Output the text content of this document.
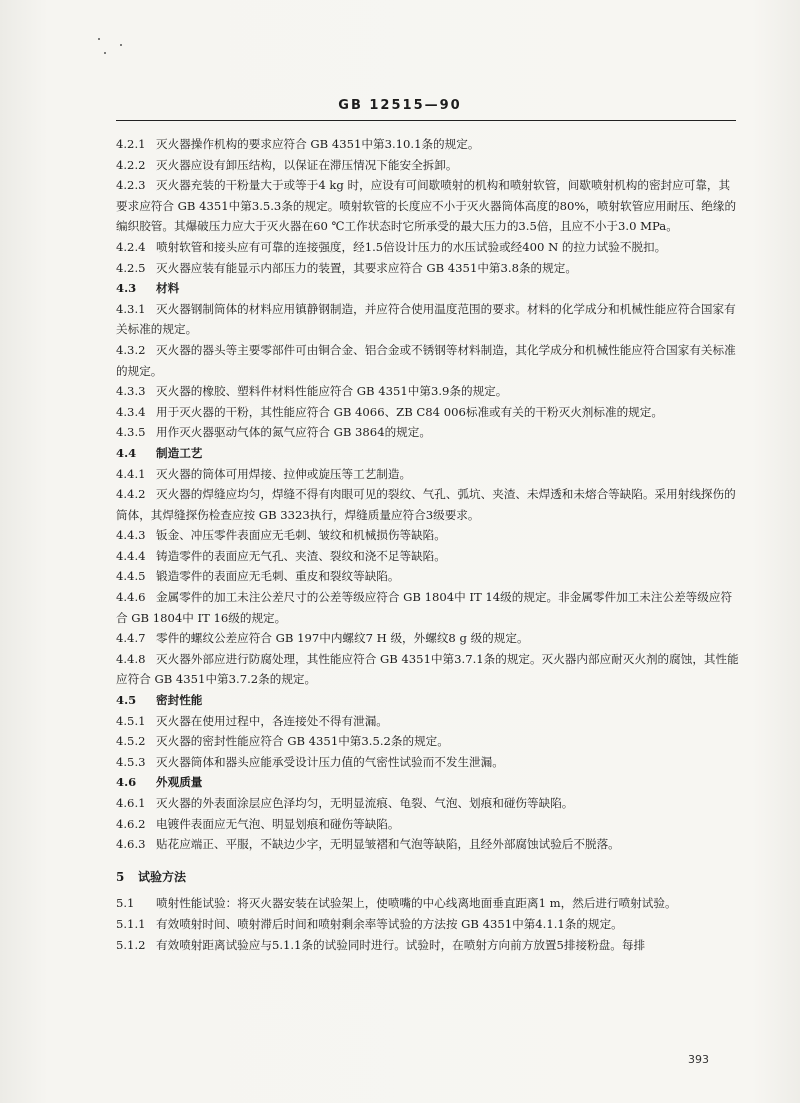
GB 12515—90
4.2.1 灭火器操作机构的要求应符合 GB 4351中第3.10.1条的规定。
4.2.2 灭火器应设有卸压结构，以保证在滞压情况下能安全拆卸。
4.2.3 灭火器充装的干粉量大于或等于4 kg 时，应设有可间歇喷射的机构和喷射软管，间歇喷射机构的密封应可靠，其要求应符合 GB 4351中第3.5.3条的规定。喷射软管的长度应不小于灭火器筒体高度的80%，喷射软管应用耐压、绝缘的编织胶管。其爆破压力应大于灭火器在60 ℃工作状态时它所承受的最大压力的3.5倍，且应不小于3.0 MPa。
4.2.4 喷射软管和接头应有可靠的连接强度，经1.5倍设计压力的水压试验或经400 N 的拉力试验不脱扣。
4.2.5 灭火器应装有能显示内部压力的装置，其要求应符合 GB 4351中第3.8条的规定。
4.3 材料
4.3.1 灭火器钢制筒体的材料应用镇静钢制造，并应符合使用温度范围的要求。材料的化学成分和机械性能应符合国家有关标准的规定。
4.3.2 灭火器的器头等主要零部件可由铜合金、铝合金或不锈钢等材料制造，其化学成分和机械性能应符合国家有关标准的规定。
4.3.3 灭火器的橡胶、塑料件材料性能应符合 GB 4351中第3.9条的规定。
4.3.4 用于灭火器的干粉，其性能应符合 GB 4066、ZB C84 006标准或有关的干粉灭火剂标准的规定。
4.3.5 用作灭火器驱动气体的氮气应符合 GB 3864的规定。
4.4 制造工艺
4.4.1 灭火器的筒体可用焊接、拉伸或旋压等工艺制造。
4.4.2 灭火器的焊缝应均匀，焊缝不得有肉眼可见的裂纹、气孔、弧坑、夹渣、未焊透和未熔合等缺陷。采用射线探伤的筒体，其焊缝探伤检查应按 GB 3323执行，焊缝质量应符合3级要求。
4.4.3 钣金、冲压零件表面应无毛刺、皱纹和机械损伤等缺陷。
4.4.4 铸造零件的表面应无气孔、夹渣、裂纹和浇不足等缺陷。
4.4.5 锻造零件的表面应无毛刺、重皮和裂纹等缺陷。
4.4.6 金属零件的加工未注公差尺寸的公差等级应符合 GB 1804中 IT 14级的规定。非金属零件加工未注公差等级应符合 GB 1804中 IT 16级的规定。
4.4.7 零件的螺纹公差应符合 GB 197中内螺纹7 H 级，外螺纹8 g 级的规定。
4.4.8 灭火器外部应进行防腐处理，其性能应符合 GB 4351中第3.7.1条的规定。灭火器内部应耐灭火剂的腐蚀，其性能应符合 GB 4351中第3.7.2条的规定。
4.5 密封性能
4.5.1 灭火器在使用过程中，各连接处不得有泄漏。
4.5.2 灭火器的密封性能应符合 GB 4351中第3.5.2条的规定。
4.5.3 灭火器筒体和器头应能承受设计压力值的气密性试验而不发生泄漏。
4.6 外观质量
4.6.1 灭火器的外表面涂层应色泽均匀，无明显流痕、龟裂、气泡、划痕和碰伤等缺陷。
4.6.2 电镀件表面应无气泡、明显划痕和碰伤等缺陷。
4.6.3 贴花应端正、平服，不缺边少字，无明显皱褶和气泡等缺陷，且经外部腐蚀试验后不脱落。
5 试验方法
5.1 喷射性能试验：将灭火器安装在试验架上，使喷嘴的中心线离地面垂直距离1 m，然后进行喷射试验。
5.1.1 有效喷射时间、喷射滞后时间和喷射剩余率等试验的方法按 GB 4351中第4.1.1条的规定。
5.1.2 有效喷射距离试验应与5.1.1条的试验同时进行。试验时，在喷射方向前方放置5排接粉盘。每排
393
